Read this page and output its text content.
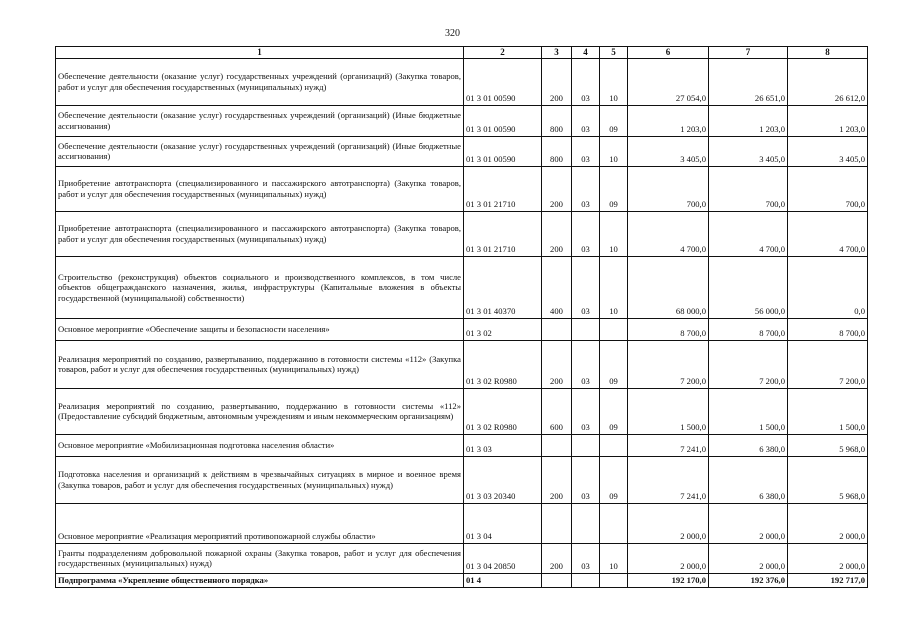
320
1	2	3	4	5	6	7	8
Обеспечение деятельности (оказание услуг) государственных учреждений (организаций) (Закупка товаров, работ и услуг для обеспечения государственных (муниципальных) нужд)	01 3 01 00590	200	03	10	27 054,0	26 651,0	26 612,0
Обеспечение деятельности (оказание услуг) государственных учреждений (организаций) (Иные бюджетные ассигнования)	01 3 01 00590	800	03	09	1 203,0	1 203,0	1 203,0
Обеспечение деятельности (оказание услуг) государственных учреждений (организаций) (Иные бюджетные ассигнования)	01 3 01 00590	800	03	10	3 405,0	3 405,0	3 405,0
Приобретение автотранспорта (специализированного и пассажирского автотранспорта) (Закупка товаров, работ и услуг для обеспечения государственных (муниципальных) нужд)	01 3 01 21710	200	03	09	700,0	700,0	700,0
Приобретение автотранспорта (специализированного и пассажирского автотранспорта) (Закупка товаров, работ и услуг для обеспечения государственных (муниципальных) нужд)	01 3 01 21710	200	03	10	4 700,0	4 700,0	4 700,0
Строительство (реконструкция) объектов социального и производственного комплексов, в том числе объектов общегражданского назначения, жилья, инфраструктуры (Капитальные вложения в объекты государственной (муниципальной) собственности)	01 3 01 40370	400	03	10	68 000,0	56 000,0	0,0
Основное мероприятие «Обеспечение защиты и безопасности населения»	01 3 02				8 700,0	8 700,0	8 700,0
Реализация мероприятий по созданию, развертыванию, поддержанию в готовности системы «112» (Закупка товаров, работ и услуг для обеспечения государственных (муниципальных) нужд)	01 3 02 R0980	200	03	09	7 200,0	7 200,0	7 200,0
Реализация мероприятий по созданию, развертыванию, поддержанию в готовности системы «112» (Предоставление субсидий бюджетным, автономным учреждениям и иным некоммерческим организациям)	01 3 02 R0980	600	03	09	1 500,0	1 500,0	1 500,0
Основное мероприятие «Мобилизационная подготовка населения области»	01 3 03				7 241,0	6 380,0	5 968,0
Подготовка населения и организаций к действиям в чрезвычайных ситуациях в мирное и военное время (Закупка товаров, работ и услуг для обеспечения государственных (муниципальных) нужд)	01 3 03 20340	200	03	09	7 241,0	6 380,0	5 968,0
Основное мероприятие «Реализация мероприятий противопожарной службы области»	01 3 04				2 000,0	2 000,0	2 000,0
Гранты подразделениям добровольной пожарной охраны (Закупка товаров, работ и услуг для обеспечения государственных (муниципальных) нужд)	01 3 04 20850	200	03	10	2 000,0	2 000,0	2 000,0
Подпрограмма «Укрепление общественного порядка»	01 4				192 170,0	192 376,0	192 717,0
